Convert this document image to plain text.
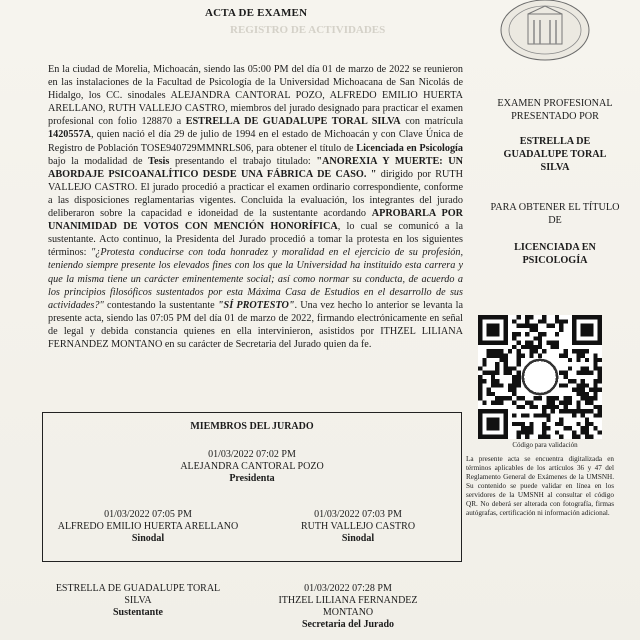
ACTA DE EXAMEN
REGISTRO DE ACTIVIDADES
En la ciudad de Morelia, Michoacán, siendo las 05:00 PM del día 01 de marzo de 2022 se reunieron en las instalaciones de la Facultad de Psicología de la Universidad Michoacana de San Nicolás de Hidalgo, los CC. sinodales ALEJANDRA CANTORAL POZO, ALFREDO EMILIO HUERTA ARELLANO, RUTH VALLEJO CASTRO, miembros del jurado designado para practicar el examen profesional con folio 128870 a ESTRELLA DE GUADALUPE TORAL SILVA con matrícula 1420557A, quien nació el día 29 de julio de 1994 en el estado de Michoacán y con Clave Única de Registro de Población TOSE940729MMNRLS06, para obtener el título de Licenciada en Psicología bajo la modalidad de Tesis presentando el trabajo titulado: "ANOREXIA Y MUERTE: UN ABORDAJE PSICOANALÍTICO DESDE UNA FÁBRICA DE CASO. " dirigido por RUTH VALLEJO CASTRO. El jurado procedió a practicar el examen ordinario correspondiente, conforme a las disposiciones reglamentarias vigentes. Concluida la evaluación, los integrantes del jurado deliberaron sobre la capacidad e idoneidad de la sustentante acordando APROBARLA POR UNANIMIDAD DE VOTOS CON MENCIÓN HONORÍFICA, lo cual se comunicó a la sustentante. Acto continuo, la Presidenta del Jurado procedió a tomar la protesta en los siguientes términos: "¿Protesta conducirse con toda honradez y moralidad en el ejercicio de su profesión, teniendo siempre presente los elevados fines con los que la Universidad ha instituido esta carrera y que la misma tiene un carácter eminentemente social; así como normar su conducta, de acuerdo a los principios filosóficos sustentados por esta Máxima Casa de Estudios en el desarrollo de sus actividades?" contestando la sustentante "SÍ PROTESTO". Una vez hecho lo anterior se levanta la presente acta, siendo las 07:05 PM del día 01 de marzo de 2022, firmando electrónicamente en señal de legal y debida constancia quienes en ella intervinieron, asistidos por ITHZEL LILIANA FERNANDEZ MONTANO en su carácter de Secretaria del Jurado quien da fe.
MIEMBROS DEL JURADO
01/03/2022 07:02 PM
ALEJANDRA CANTORAL POZO
Presidenta
01/03/2022 07:05 PM
ALFREDO EMILIO HUERTA ARELLANO
Sinodal
01/03/2022 07:03 PM
RUTH VALLEJO CASTRO
Sinodal
ESTRELLA DE GUADALUPE TORAL
SILVA
Sustentante
01/03/2022 07:28 PM
ITHZEL LILIANA FERNANDEZ
MONTANO
Secretaria del Jurado
EXAMEN PROFESIONAL
PRESENTADO POR
ESTRELLA DE
GUADALUPE TORAL
SILVA
PARA OBTENER EL TÍTULO
DE
LICENCIADA EN
PSICOLOGÍA
Código para validación
La presente acta se encuentra digitalizada en términos aplicables de los artículos 36 y 47 del Reglamento General de Exámenes de la UMSNH. Su contenido se puede validar en línea en los servidores de la UMSNH al consultar el código QR. No deberá ser alterada con fotografía, firmas autógrafas, certificación ni información adicional.
